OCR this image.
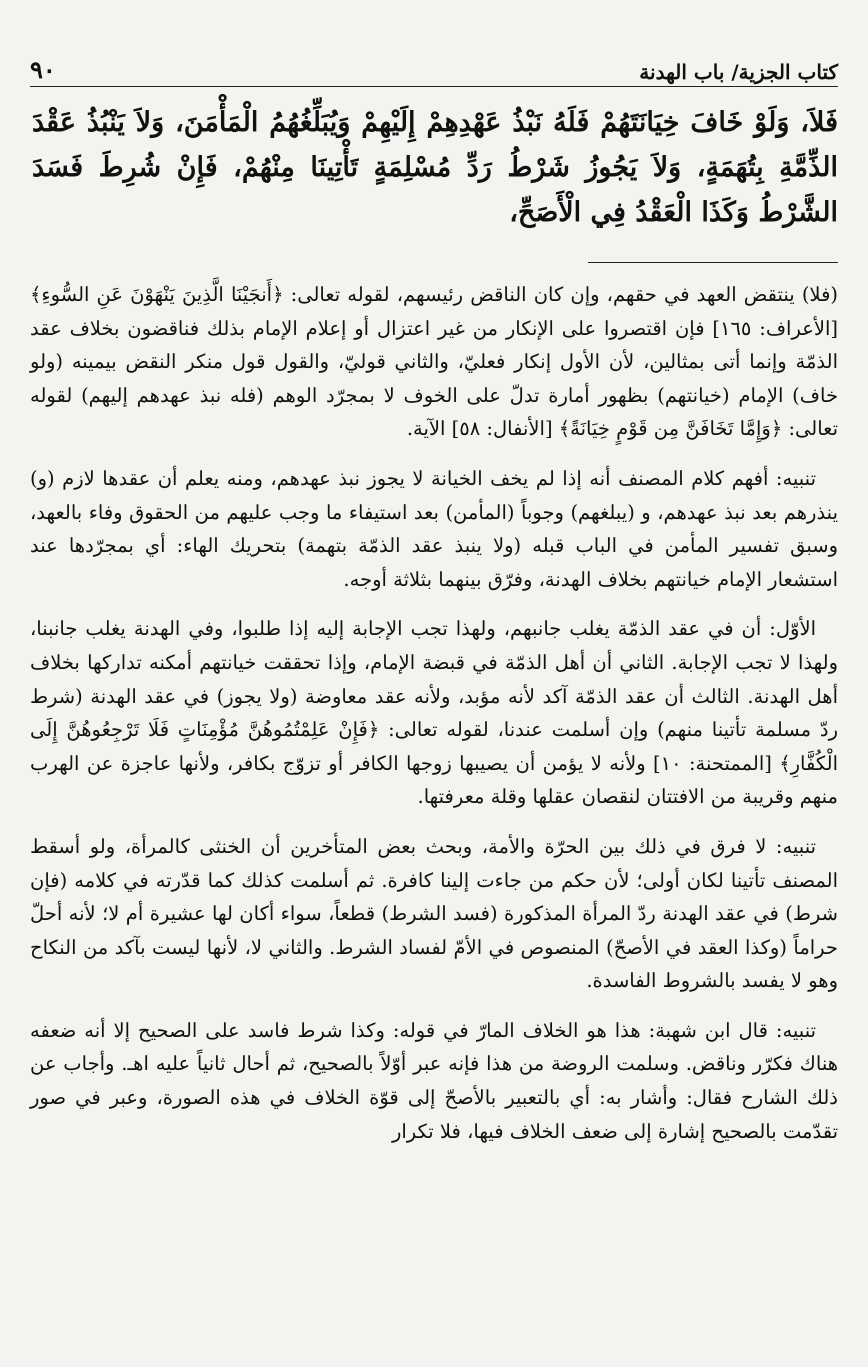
كتاب الجزية/ باب الهدنة
٩٠
فَلاَ، وَلَوْ خَافَ خِيَانَتَهُمْ فَلَهُ نَبْذُ عَهْدِهِمْ إِلَيْهِمْ وَيُبَلِّغُهُمُ الْمَأْمَنَ، وَلاَ يَنْبُذُ عَقْدَ الذِّمَّةِ بِتُهَمَةٍ، وَلاَ يَجُوزُ شَرْطُ رَدِّ مُسْلِمَةٍ تَأْتِينَا مِنْهُمْ، فَإِنْ شُرِطَ فَسَدَ الشَّرْطُ وَكَذَا الْعَقْدُ فِي الْأَصَحِّ،

(فلا) ينتقض العهد في حقهم، وإن كان الناقض رئيسهم، لقوله تعالى: ﴿أَنجَيْنَا الَّذِينَ يَنْهَوْنَ عَنِ السُّوءِ﴾ [الأعراف: ١٦٥] فإن اقتصروا على الإنكار من غير اعتزال أو إعلام الإمام بذلك فناقضون بخلاف عقد الذمّة وإنما أتى بمثالين، لأن الأول إنكار فعليّ، والثاني قوليّ، والقول قول منكر النقض بيمينه (ولو خاف) الإمام (خيانتهم) بظهور أمارة تدلّ على الخوف لا بمجرّد الوهم (فله نبذ عهدهم إليهم) لقوله تعالى: ﴿وَإِمَّا تَخَافَنَّ مِن قَوْمٍ خِيَانَةً﴾ [الأنفال: ٥٨] الآية.

تنبيه: أفهم كلام المصنف أنه إذا لم يخف الخيانة لا يجوز نبذ عهدهم، ومنه يعلم أن عقدها لازم (و) ينذرهم بعد نبذ عهدهم، و (يبلغهم) وجوباً (المأمن) بعد استيفاء ما وجب عليهم من الحقوق وفاء بالعهد، وسبق تفسير المأمن في الباب قبله (ولا ينبذ عقد الذمّة بتهمة) بتحريك الهاء: أي بمجرّدها عند استشعار الإمام خيانتهم بخلاف الهدنة، وفرّق بينهما بثلاثة أوجه.

الأوّل: أن في عقد الذمّة يغلب جانبهم، ولهذا تجب الإجابة إليه إذا طلبوا، وفي الهدنة يغلب جانبنا، ولهذا لا تجب الإجابة. الثاني أن أهل الذمّة في قبضة الإمام، وإذا تحققت خيانتهم أمكنه تداركها بخلاف أهل الهدنة. الثالث أن عقد الذمّة آكد لأنه مؤبد، ولأنه عقد معاوضة (ولا يجوز) في عقد الهدنة (شرط ردّ مسلمة تأتينا منهم) وإن أسلمت عندنا، لقوله تعالى: ﴿فَإِنْ عَلِمْتُمُوهُنَّ مُؤْمِنَاتٍ فَلَا تَرْجِعُوهُنَّ إِلَى الْكُفَّارِ﴾ [الممتحنة: ١٠] ولأنه لا يؤمن أن يصيبها زوجها الكافر أو تزوّج بكافر، ولأنها عاجزة عن الهرب منهم وقريبة من الافتتان لنقصان عقلها وقلة معرفتها.

تنبيه: لا فرق في ذلك بين الحرّة والأمة، وبحث بعض المتأخرين أن الخنثى كالمرأة، ولو أسقط المصنف تأتينا لكان أولى؛ لأن حكم من جاءت إلينا كافرة. ثم أسلمت كذلك كما قدّرته في كلامه (فإن شرط) في عقد الهدنة ردّ المرأة المذكورة (فسد الشرط) قطعاً، سواء أكان لها عشيرة أم لا؛ لأنه أحلّ حراماً (وكذا العقد في الأصحّ) المنصوص في الأمّ لفساد الشرط. والثاني لا، لأنها ليست بآكد من النكاح وهو لا يفسد بالشروط الفاسدة.

تنبيه: قال ابن شهبة: هذا هو الخلاف المارّ في قوله: وكذا شرط فاسد على الصحيح إلا أنه ضعفه هناك فكرّر وناقض. وسلمت الروضة من هذا فإنه عبر أوّلاً بالصحيح، ثم أحال ثانياً عليه اهـ. وأجاب عن ذلك الشارح فقال: وأشار به: أي بالتعبير بالأصحّ إلى قوّة الخلاف في هذه الصورة، وعبر في صور تقدّمت بالصحيح إشارة إلى ضعف الخلاف فيها، فلا تكرار
